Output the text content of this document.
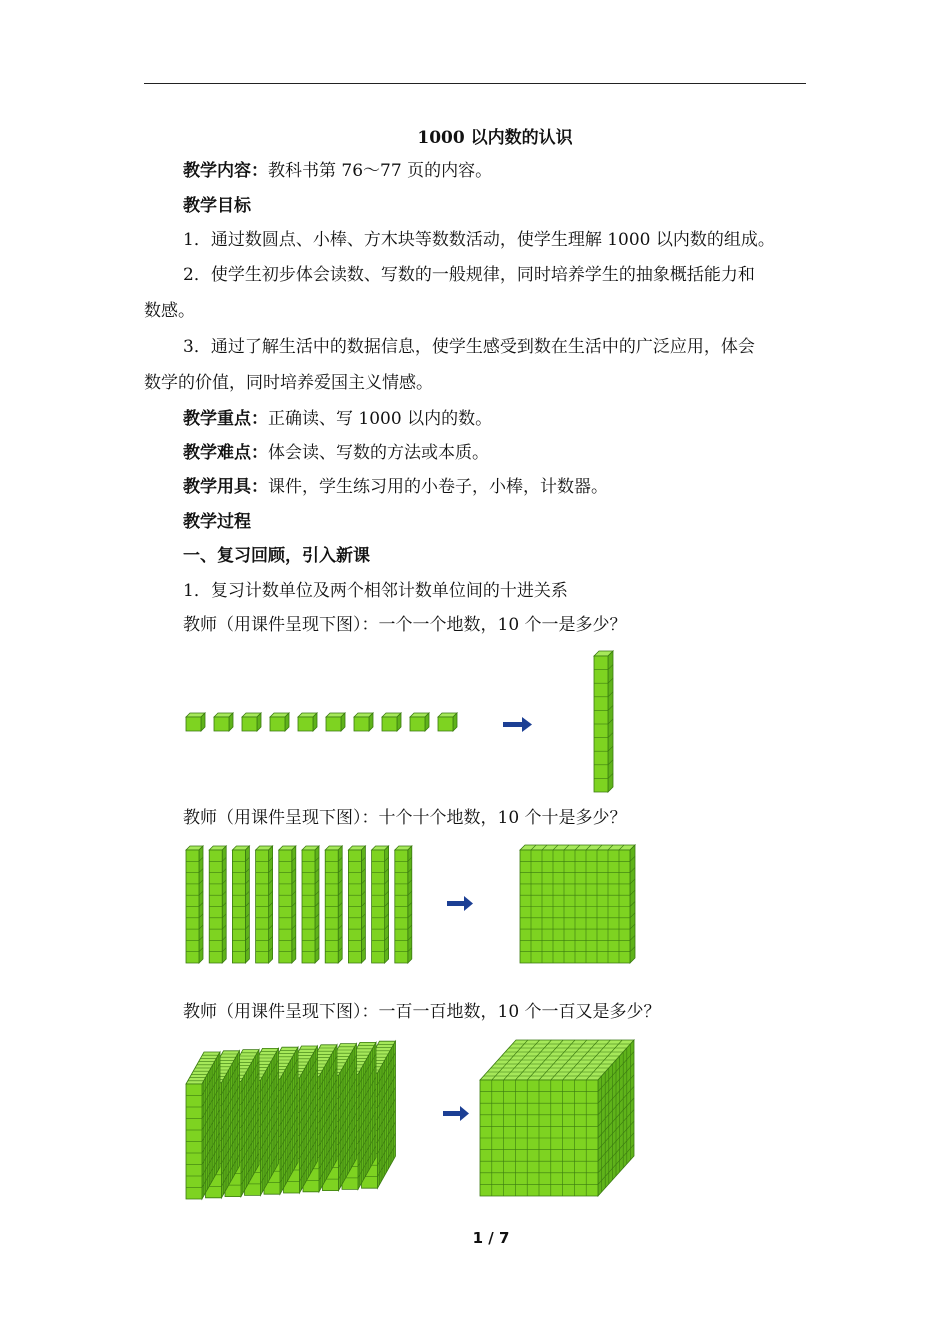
1000 以内数的认识
教学内容：教科书第 76～77 页的内容。
教学目标
1．通过数圆点、小棒、方木块等数数活动，使学生理解 1000 以内数的组成。
2．使学生初步体会读数、写数的一般规律，同时培养学生的抽象概括能力和
数感。
3．通过了解生活中的数据信息，使学生感受到数在生活中的广泛应用，体会
数学的价值，同时培养爱国主义情感。
教学重点：正确读、写 1000 以内的数。
教学难点：体会读、写数的方法或本质。
教学用具：课件，学生练习用的小卷子，小棒，计数器。
教学过程
一、复习回顾，引入新课
1．复习计数单位及两个相邻计数单位间的十进关系
教师（用课件呈现下图）：一个一个地数，10 个一是多少？
教师（用课件呈现下图）：十个十个地数，10 个十是多少？
教师（用课件呈现下图）：一百一百地数，10 个一百又是多少？
1 / 7
